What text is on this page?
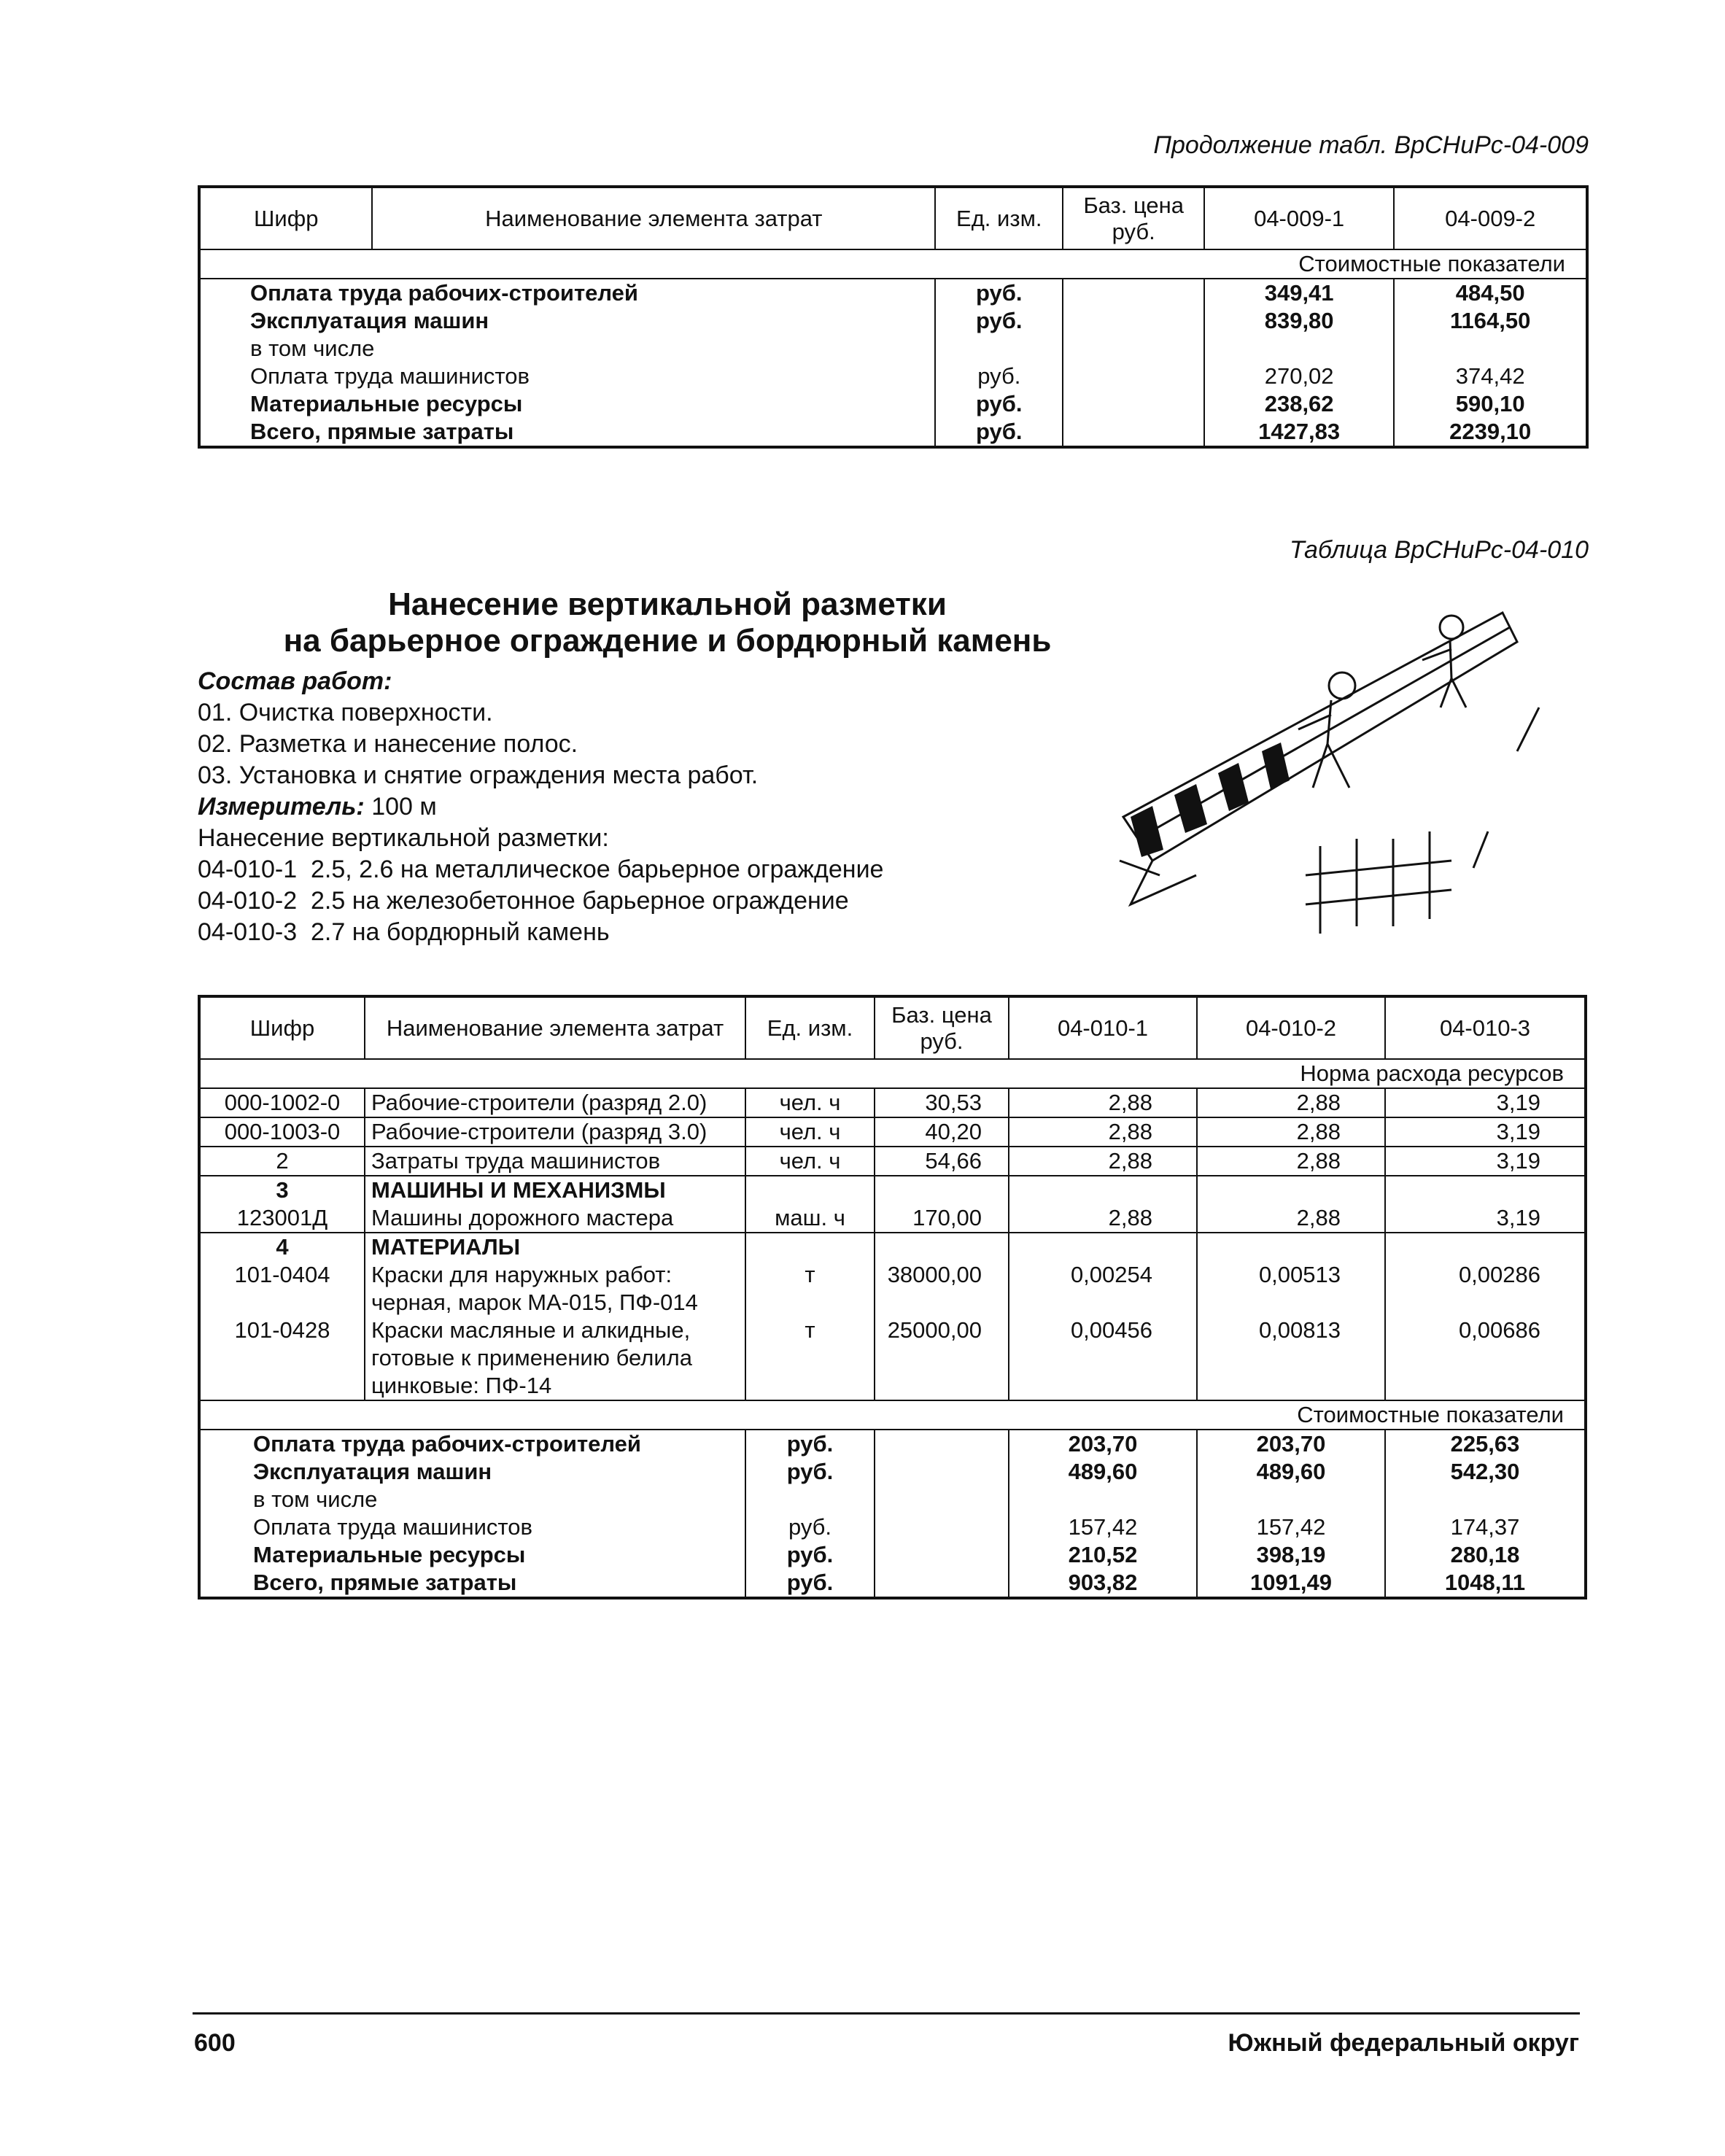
Продолжение табл. ВрСНиРс-04-009
Шифр	Наименование элемента затрат	Ед. изм.	Баз. цена руб.	04-009-1	04-009-2
Стоимостные показатели					
Оплата труда рабочих-строителей		руб.		349,41	484,50
Эксплуатация машин		руб.		839,80	1164,50
в том числе					
Оплата труда машинистов		руб.		270,02	374,42
Материальные ресурсы		руб.		238,62	590,10
Всего, прямые затраты		руб.		1427,83	2239,10
Таблица ВрСНиРс-04-010
Нанесение вертикальной разметки
на барьерное ограждение и бордюрный камень
Состав работ:
01. Очистка поверхности.
02. Разметка и нанесение полос.
03. Установка и снятие ограждения места работ.
Измеритель: 100 м
Нанесение вертикальной разметки:
04-010-1 2.5, 2.6 на металлическое барьерное ограждение
04-010-2 2.5 на железобетонное барьерное ограждение
04-010-3 2.7 на бордюрный камень
Шифр	Наименование элемента затрат	Ед. изм.	Баз. цена руб.	04-010-1	04-010-2	04-010-3
Норма расхода ресурсов						
000-1002-0	Рабочие-строители (разряд 2.0)	чел. ч	30,53	2,88	2,88	3,19
000-1003-0	Рабочие-строители (разряд 3.0)	чел. ч	40,20	2,88	2,88	3,19
2	Затраты труда машинистов	чел. ч	54,66	2,88	2,88	3,19
3	МАШИНЫ И МЕХАНИЗМЫ					
123001Д	Машины дорожного мастера	маш. ч	170,00	2,88	2,88	3,19
4	МАТЕРИАЛЫ					
101-0404	Краски для наружных работ: черная, марок МА-015, ПФ-014	т	38000,00	0,00254	0,00513	0,00286
101-0428	Краски масляные и алкидные, готовые к применению белила цинковые: ПФ-14	т	25000,00	0,00456	0,00813	0,00686
Стоимостные показатели						
Оплата труда рабочих-строителей		руб.		203,70	203,70	225,63
Эксплуатация машин		руб.		489,60	489,60	542,30
в том числе						
Оплата труда машинистов		руб.		157,42	157,42	174,37
Материальные ресурсы		руб.		210,52	398,19	280,18
Всего, прямые затраты		руб.		903,82	1091,49	1048,11
600	Южный федеральный округ
